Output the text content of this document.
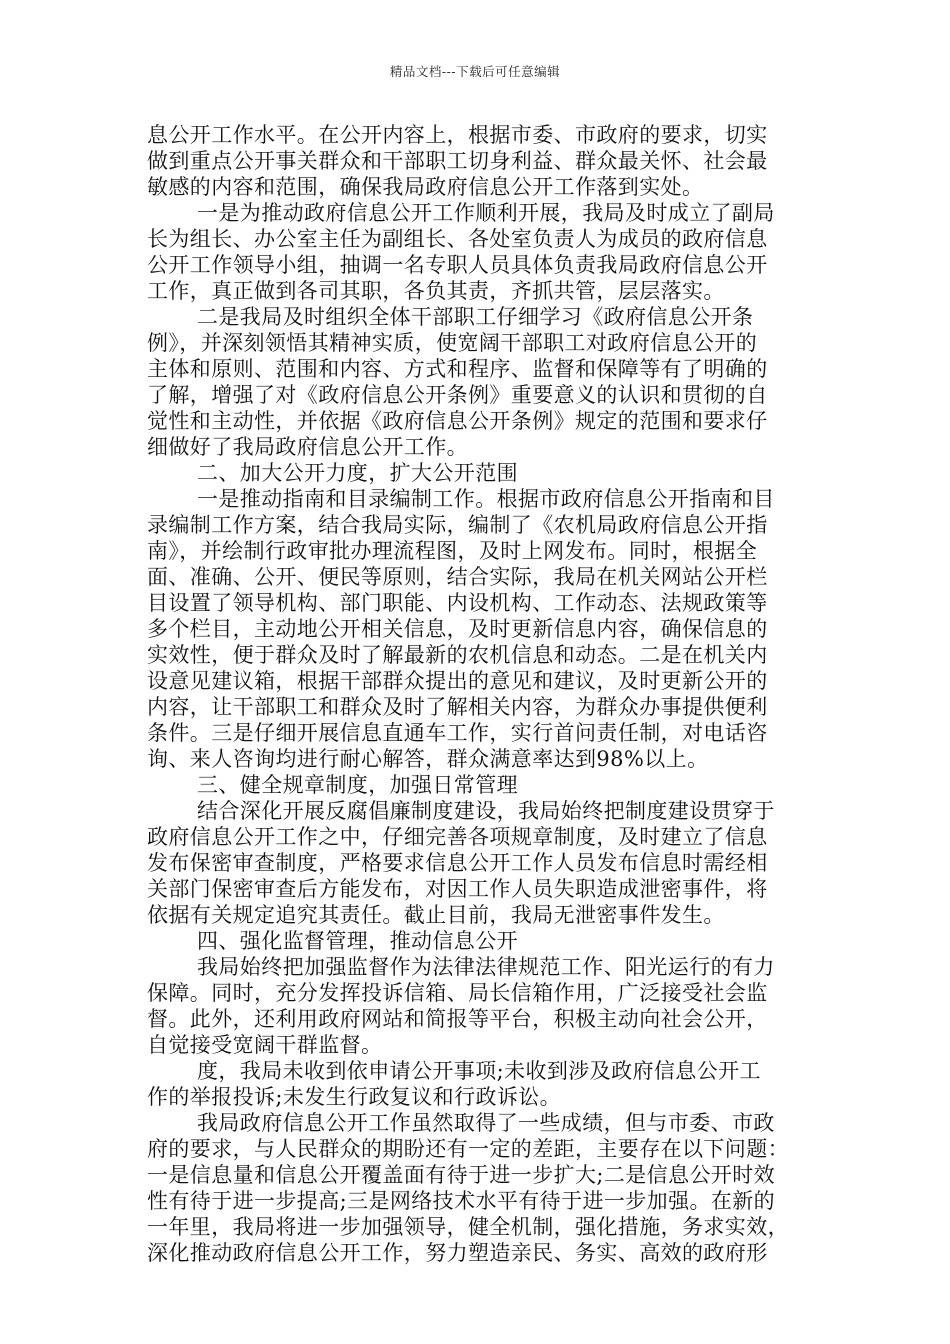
精品文档---下载后可任意编辑
息公开工作水平。在公开内容上，根据市委、市政府的要求，切实
做到重点公开事关群众和干部职工切身利益、群众最关怀、社会最
敏感的内容和范围，确保我局政府信息公开工作落到实处。
一是为推动政府信息公开工作顺利开展，我局及时成立了副局
长为组长、办公室主任为副组长、各处室负责人为成员的政府信息
公开工作领导小组，抽调一名专职人员具体负责我局政府信息公开
工作，真正做到各司其职，各负其责，齐抓共管，层层落实。
二是我局及时组织全体干部职工仔细学习《政府信息公开条
例》，并深刻领悟其精神实质，使宽阔干部职工对政府信息公开的
主体和原则、范围和内容、方式和程序、监督和保障等有了明确的
了解，增强了对《政府信息公开条例》重要意义的认识和贯彻的自
觉性和主动性，并依据《政府信息公开条例》规定的范围和要求仔
细做好了我局政府信息公开工作。
二、加大公开力度，扩大公开范围
一是推动指南和目录编制工作。根据市政府信息公开指南和目
录编制工作方案，结合我局实际，编制了《农机局政府信息公开指
南》，并绘制行政审批办理流程图，及时上网发布。同时，根据全
面、准确、公开、便民等原则，结合实际，我局在机关网站公开栏
目设置了领导机构、部门职能、内设机构、工作动态、法规政策等
多个栏目，主动地公开相关信息，及时更新信息内容，确保信息的
实效性，便于群众及时了解最新的农机信息和动态。二是在机关内
设意见建议箱，根据干部群众提出的意见和建议，及时更新公开的
内容，让干部职工和群众及时了解相关内容，为群众办事提供便利
条件。三是仔细开展信息直通车工作，实行首问责任制，对电话咨
询、来人咨询均进行耐心解答，群众满意率达到98%以上。
三、健全规章制度，加强日常管理
结合深化开展反腐倡廉制度建设，我局始终把制度建设贯穿于
政府信息公开工作之中，仔细完善各项规章制度，及时建立了信息
发布保密审查制度，严格要求信息公开工作人员发布信息时需经相
关部门保密审查后方能发布，对因工作人员失职造成泄密事件，将
依据有关规定追究其责任。截止目前，我局无泄密事件发生。
四、强化监督管理，推动信息公开
我局始终把加强监督作为法律法律规范工作、阳光运行的有力
保障。同时，充分发挥投诉信箱、局长信箱作用，广泛接受社会监
督。此外，还利用政府网站和简报等平台，积极主动向社会公开，
自觉接受宽阔干群监督。
度，我局未收到依申请公开事项;未收到涉及政府信息公开工
作的举报投诉;未发生行政复议和行政诉讼。
我局政府信息公开工作虽然取得了一些成绩，但与市委、市政
府的要求，与人民群众的期盼还有一定的差距，主要存在以下问题：
一是信息量和信息公开覆盖面有待于进一步扩大;二是信息公开时效
性有待于进一步提高;三是网络技术水平有待于进一步加强。在新的
一年里，我局将进一步加强领导，健全机制，强化措施，务求实效，
深化推动政府信息公开工作，努力塑造亲民、务实、高效的政府形
